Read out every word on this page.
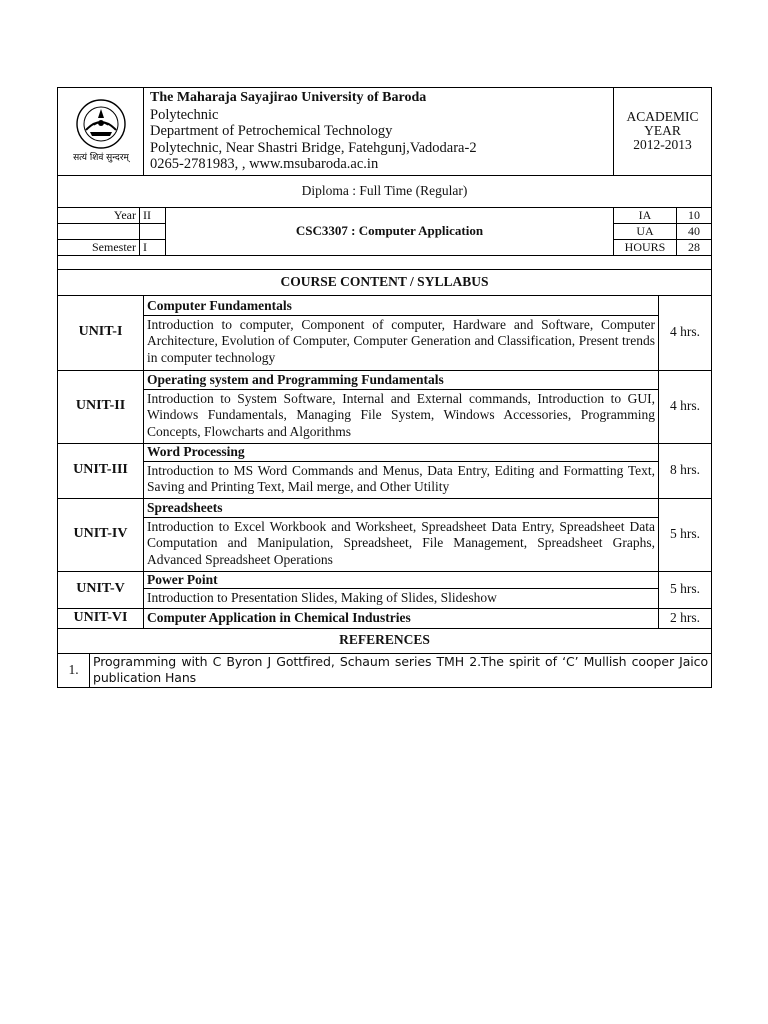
सत्यं शिवं सुन्दरम्

The Maharaja Sayajirao University of Baroda
Polytechnic
Department of Petrochemical Technology
Polytechnic, Near Shastri Bridge, Fatehgunj,Vadodara-2
0265-2781983, , www.msubaroda.ac.in

ACADEMIC
YEAR
2012-2013

Diploma : Full Time (Regular)
Year	II	CSC3307 : Computer Application	IA	10
			UA	40
Semester	I		HOURS	28

COURSE CONTENT / SYLLABUS		
UNIT-I	Computer Fundamentals
Introduction to computer, Component of computer, Hardware and Software, Computer Architecture, Evolution of Computer, Computer Generation and Classification, Present trends in computer technology	4 hrs.
UNIT-II	Operating system and Programming Fundamentals
Introduction to System Software, Internal and External commands, Introduction to GUI, Windows Fundamentals, Managing File System, Windows Accessories, Programming Concepts, Flowcharts and Algorithms	4 hrs.
UNIT-III	Word Processing
Introduction to MS Word Commands and Menus, Data Entry, Editing and Formatting Text, Saving and Printing Text, Mail merge, and Other Utility	8 hrs.
UNIT-IV	Spreadsheets
Introduction to Excel Workbook and Worksheet, Spreadsheet Data Entry, Spreadsheet Data Computation and Manipulation, Spreadsheet, File Management, Spreadsheet Graphs, Advanced Spreadsheet Operations	5 hrs.
UNIT-V	Power Point
Introduction to Presentation Slides, Making of Slides, Slideshow	5 hrs.
UNIT-VI	Computer Application in Chemical Industries	2 hrs.
REFERENCES		
1.	Programming with C Byron J Gottfired, Schaum series TMH 2.The spirit of ‘C’ Mullish cooper Jaico publication Hans
